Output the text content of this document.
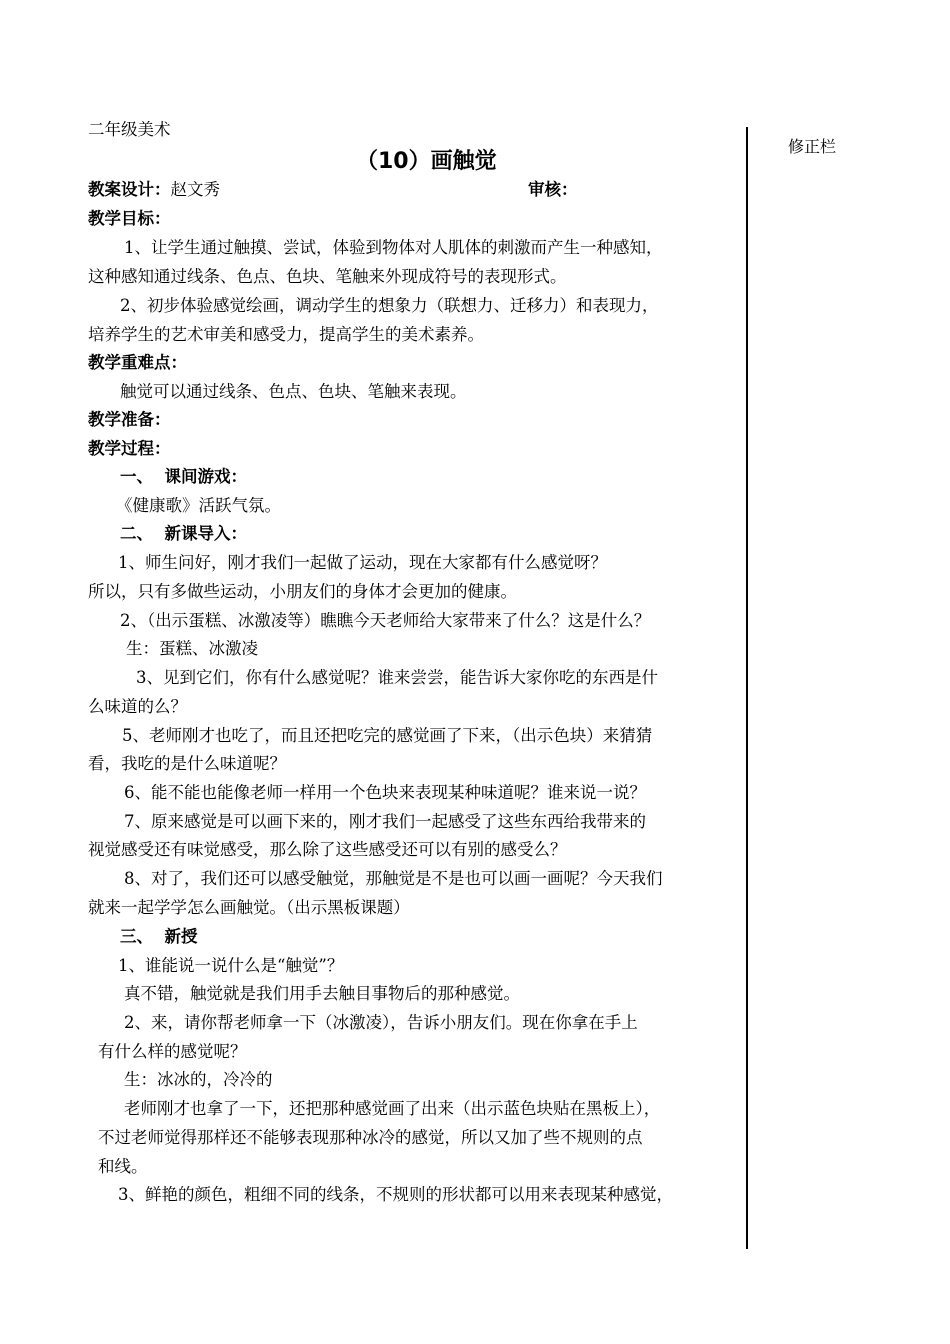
修正栏
二年级美术
（10）画触觉
教案设计：赵文秀	审核：
教学目标：
1、让学生通过触摸、尝试，体验到物体对人肌体的刺激而产生一种感知，
这种感知通过线条、色点、色块、笔触来外现成符号的表现形式。
2、初步体验感觉绘画，调动学生的想象力（联想力、迁移力）和表现力，
培养学生的艺术审美和感受力，提高学生的美术素养。
教学重难点：
触觉可以通过线条、色点、色块、笔触来表现。
教学准备：
教学过程：
一、  课间游戏：
《健康歌》活跃气氛。
二、  新课导入：
1、师生问好，刚才我们一起做了运动，现在大家都有什么感觉呀？
所以，只有多做些运动，小朋友们的身体才会更加的健康。
2、（出示蛋糕、冰激凌等）瞧瞧今天老师给大家带来了什么？这是什么？
生：蛋糕、冰激凌
3、见到它们，你有什么感觉呢？谁来尝尝，能告诉大家你吃的东西是什
么味道的么？
5、老师刚才也吃了，而且还把吃完的感觉画了下来，（出示色块）来猜猜
看，我吃的是什么味道呢？
6、能不能也能像老师一样用一个色块来表现某种味道呢？谁来说一说？
7、原来感觉是可以画下来的，刚才我们一起感受了这些东西给我带来的
视觉感受还有味觉感受，那么除了这些感受还可以有别的感受么？
8、对了，我们还可以感受触觉，那触觉是不是也可以画一画呢？今天我们
就来一起学学怎么画触觉。（出示黑板课题）
三、  新授
1、谁能说一说什么是“触觉”？
真不错，触觉就是我们用手去触目事物后的那种感觉。
2、来，请你帮老师拿一下（冰激凌），告诉小朋友们。现在你拿在手上
有什么样的感觉呢？
生：冰冰的，冷冷的
老师刚才也拿了一下，还把那种感觉画了出来（出示蓝色块贴在黑板上），
不过老师觉得那样还不能够表现那种冰冷的感觉，所以又加了些不规则的点
和线。
3、鲜艳的颜色，粗细不同的线条，不规则的形状都可以用来表现某种感觉，
